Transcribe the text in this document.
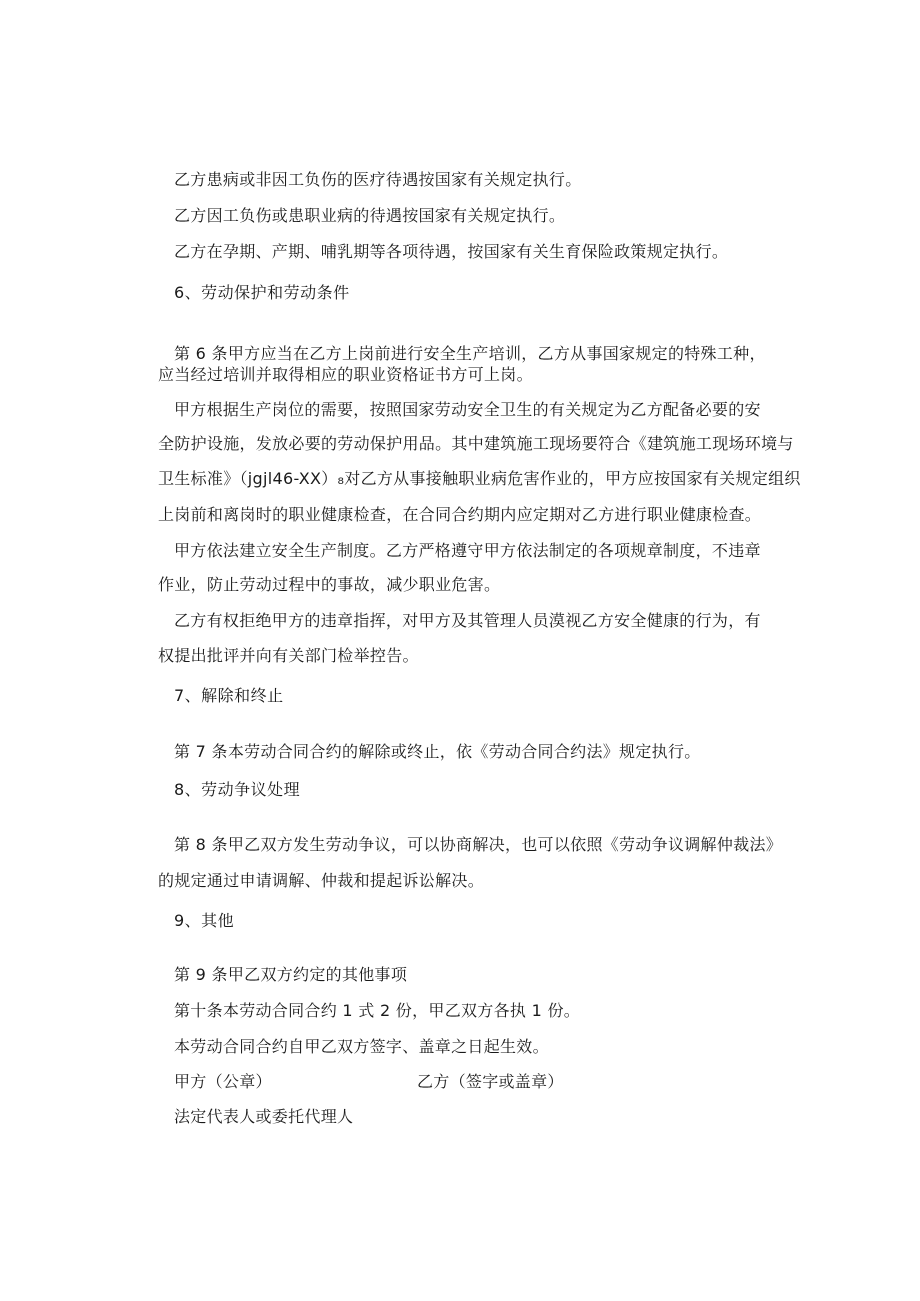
乙方患病或非因工负伤的医疗待遇按国家有关规定执行。

乙方因工负伤或患职业病的待遇按国家有关规定执行。

乙方在孕期、产期、哺乳期等各项待遇，按国家有关生育保险政策规定执行。

6、劳动保护和劳动条件

第 6 条甲方应当在乙方上岗前进行安全生产培训，乙方从事国家规定的特殊工种，

应当经过培训并取得相应的职业资格证书方可上岗。

甲方根据生产岗位的需要，按照国家劳动安全卫生的有关规定为乙方配备必要的安

全防护设施，发放必要的劳动保护用品。其中建筑施工现场要符合《建筑施工现场环境与

卫生标准》（jgjl46-XX）₈对乙方从事接触职业病危害作业的，甲方应按国家有关规定组织

上岗前和离岗时的职业健康检查，在合同合约期内应定期对乙方进行职业健康检查。

甲方依法建立安全生产制度。乙方严格遵守甲方依法制定的各项规章制度，不违章

作业，防止劳动过程中的事故，减少职业危害。

乙方有权拒绝甲方的违章指挥，对甲方及其管理人员漠视乙方安全健康的行为，有

权提出批评并向有关部门检举控告。

7、解除和终止

第 7 条本劳动合同合约的解除或终止，依《劳动合同合约法》规定执行。

8、劳动争议处理

第 8 条甲乙双方发生劳动争议，可以协商解决，也可以依照《劳动争议调解仲裁法》

的规定通过申请调解、仲裁和提起诉讼解决。

9、其他

第 9 条甲乙双方约定的其他事项

第十条本劳动合同合约 1 式 2 份，甲乙双方各执 1 份。

本劳动合同合约自甲乙双方签字、盖章之日起生效。

甲方（公章）	乙方（签字或盖章）

法定代表人或委托代理人
